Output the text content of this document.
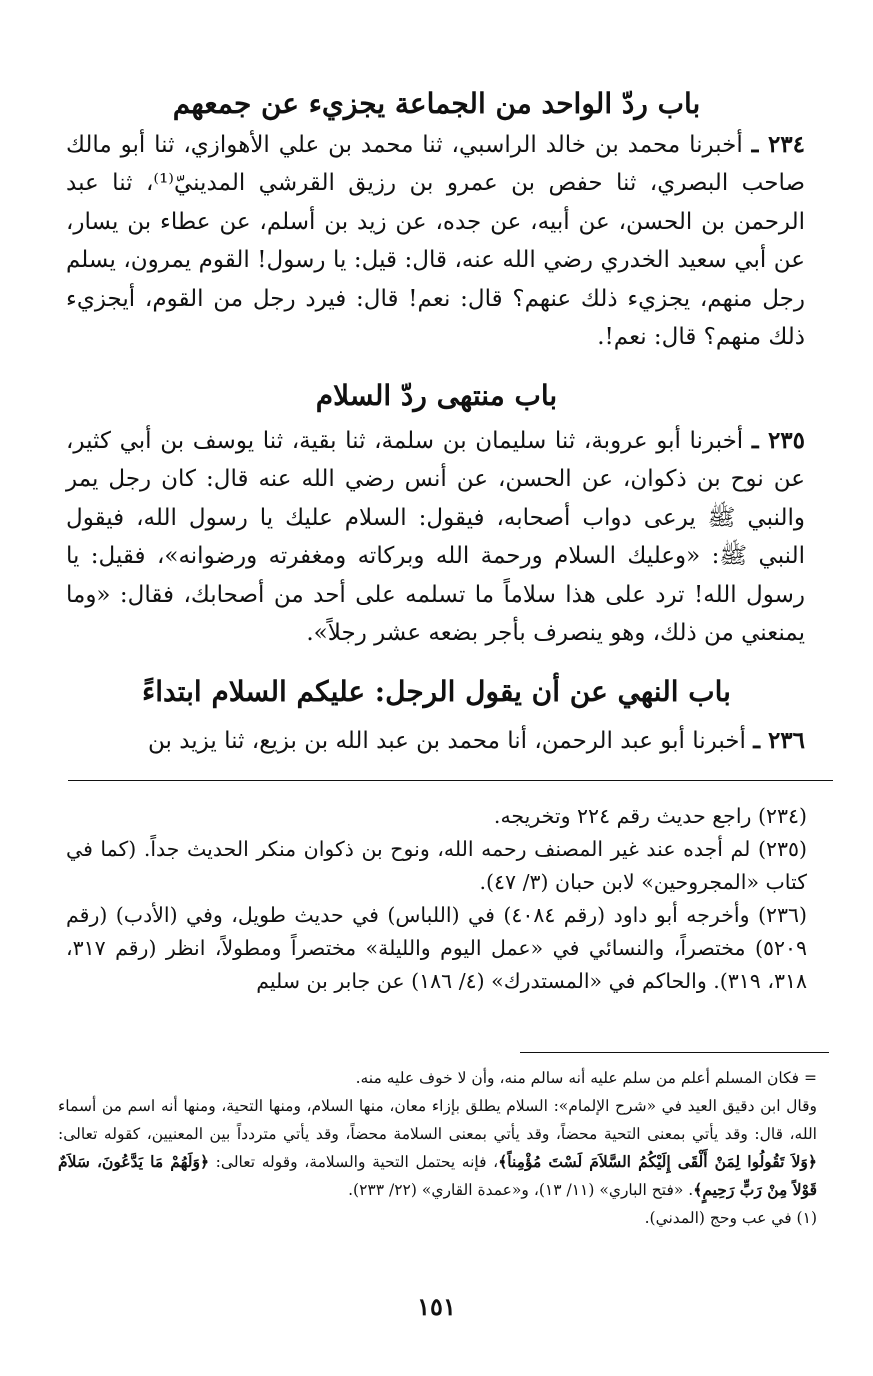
باب ردّ الواحد من الجماعة يجزيء عن جمعهم
٢٣٤ ـ أخبرنا محمد بن خالد الراسبي، ثنا محمد بن علي الأهوازي، ثنا أبو مالك صاحب البصري، ثنا حفص بن عمرو بن رزيق القرشي المدينيّ⁽¹⁾، ثنا عبد الرحمن بن الحسن، عن أبيه، عن جده، عن زيد بن أسلم، عن عطاء بن يسار، عن أبي سعيد الخدري رضي الله عنه، قال: قيل: يا رسول! القوم يمرون، يسلم رجل منهم، يجزيء ذلك عنهم؟ قال: نعم! قال: فيرد رجل من القوم، أيجزيء ذلك منهم؟ قال: نعم!.
باب منتهى ردّ السلام
٢٣٥ ـ أخبرنا أبو عروبة، ثنا سليمان بن سلمة، ثنا بقية، ثنا يوسف بن أبي كثير، عن نوح بن ذكوان، عن الحسن، عن أنس رضي الله عنه قال: كان رجل يمر والنبي ﷺ يرعى دواب أصحابه، فيقول: السلام عليك يا رسول الله، فيقول النبي ﷺ: «وعليك السلام ورحمة الله وبركاته ومغفرته ورضوانه»، فقيل: يا رسول الله! ترد على هذا سلاماً ما تسلمه على أحد من أصحابك، فقال: «وما يمنعني من ذلك، وهو ينصرف بأجر بضعه عشر رجلاً».
باب النهي عن أن يقول الرجل: عليكم السلام ابتداءً
٢٣٦ ـ أخبرنا أبو عبد الرحمن، أنا محمد بن عبد الله بن بزيع، ثنا يزيد بن

(٢٣٤) راجع حديث رقم ٢٢٤ وتخريجه.

(٢٣٥) لم أجده عند غير المصنف رحمه الله، ونوح بن ذكوان منكر الحديث جداً. (كما في كتاب «المجروحين» لابن حبان (٣/ ٤٧).

(٢٣٦) وأخرجه أبو داود (رقم ٤٠٨٤) في (اللباس) في حديث طويل، وفي (الأدب) (رقم ٥٢٠٩) مختصراً، والنسائي في «عمل اليوم والليلة» مختصراً ومطولاً، انظر (رقم ٣١٧، ٣١٨، ٣١٩). والحاكم في «المستدرك» (٤/ ١٨٦) عن جابر بن سليم

= فكان المسلم أعلم من سلم عليه أنه سالم منه، وأن لا خوف عليه منه.

وقال ابن دقيق العيد في «شرح الإلمام»: السلام يطلق بإزاء معان، منها السلام، ومنها التحية، ومنها أنه اسم من أسماء الله، قال: وقد يأتي بمعنى التحية محضاً، وقد يأتي بمعنى السلامة محضاً، وقد يأتي متردداً بين المعنيين، كقوله تعالى: ﴿وَلاَ تَقُولُوا لِمَنْ أَلْقَى إِلَيْكُمُ السَّلاَمَ لَسْتَ مُؤْمِناً﴾، فإنه يحتمل التحية والسلامة، وقوله تعالى: ﴿وَلَهُمْ مَا يَدَّعُونَ، سَلاَمٌ قَوْلاً مِنْ رَبٍّ رَحِيمٍ﴾. «فتح الباري» (١١/ ١٣)، و«عمدة القاري» (٢٢/ ٢٣٣).

(١) في عب وحج (المدني).

١٥١
